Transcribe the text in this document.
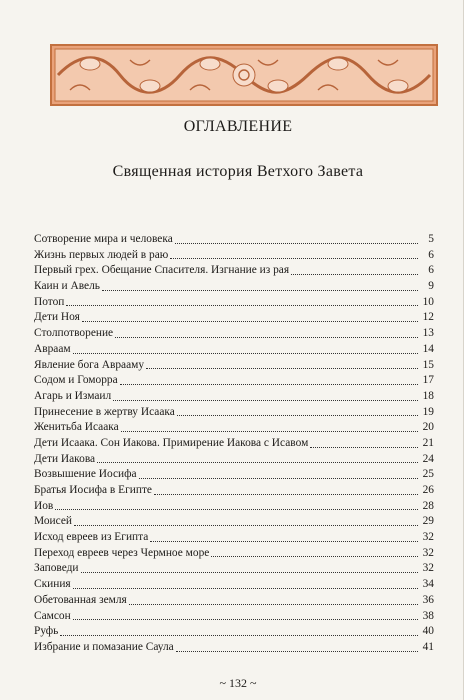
ОГЛАВЛЕНИЕ
Священная история Ветхого Завета
Сотворение мира и человека	5
Жизнь первых людей в раю	6
Первый грех. Обещание Спасителя. Изгнание из рая	6
Каин и Авель	9
Потоп	10
Дети Ноя	12
Столпотворение	13
Авраам	14
Явление бога Аврааму	15
Содом и Гоморра	17
Агарь и Измаил	18
Принесение в жертву Исаака	19
Женитьба Исаака	20
Дети Исаака. Сон Иакова. Примирение Иакова с Исавом	21
Дети Иакова	24
Возвышение Иосифа	25
Братья Иосифа в Египте	26
Иов	28
Моисей	29
Исход евреев из Египта	32
Переход евреев через Чермное море	32
Заповеди	32
Скиния	34
Обетованная земля	36
Самсон	38
Руфь	40
Избрание и помазание Саула	41
~ 132 ~
